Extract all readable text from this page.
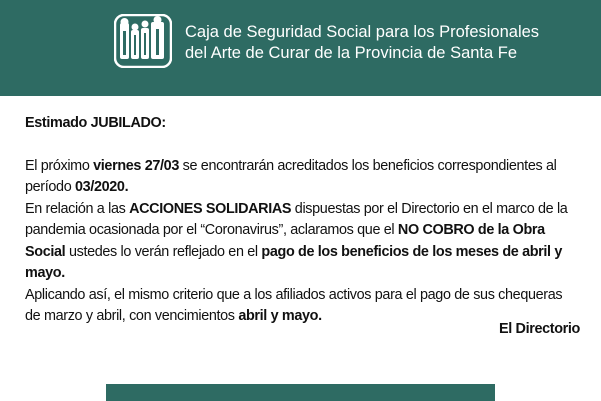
Caja de Seguridad Social para los Profesionales
del Arte de Curar de la Provincia de Santa Fe

Estimado JUBILADO:

El próximo viernes 27/03 se encontrarán acreditados los beneficios correspondientes al período 03/2020.

En relación a las ACCIONES SOLIDARIAS dispuestas por el Directorio en el marco de la pandemia ocasionada por el “Coronavirus”, aclaramos que el NO COBRO de la Obra Social ustedes lo verán reflejado en el pago de los beneficios de los meses de abril y mayo.

Aplicando así, el mismo criterio que a los afiliados activos para el pago de sus chequeras de marzo y abril, con vencimientos abril y mayo.

El Directorio
